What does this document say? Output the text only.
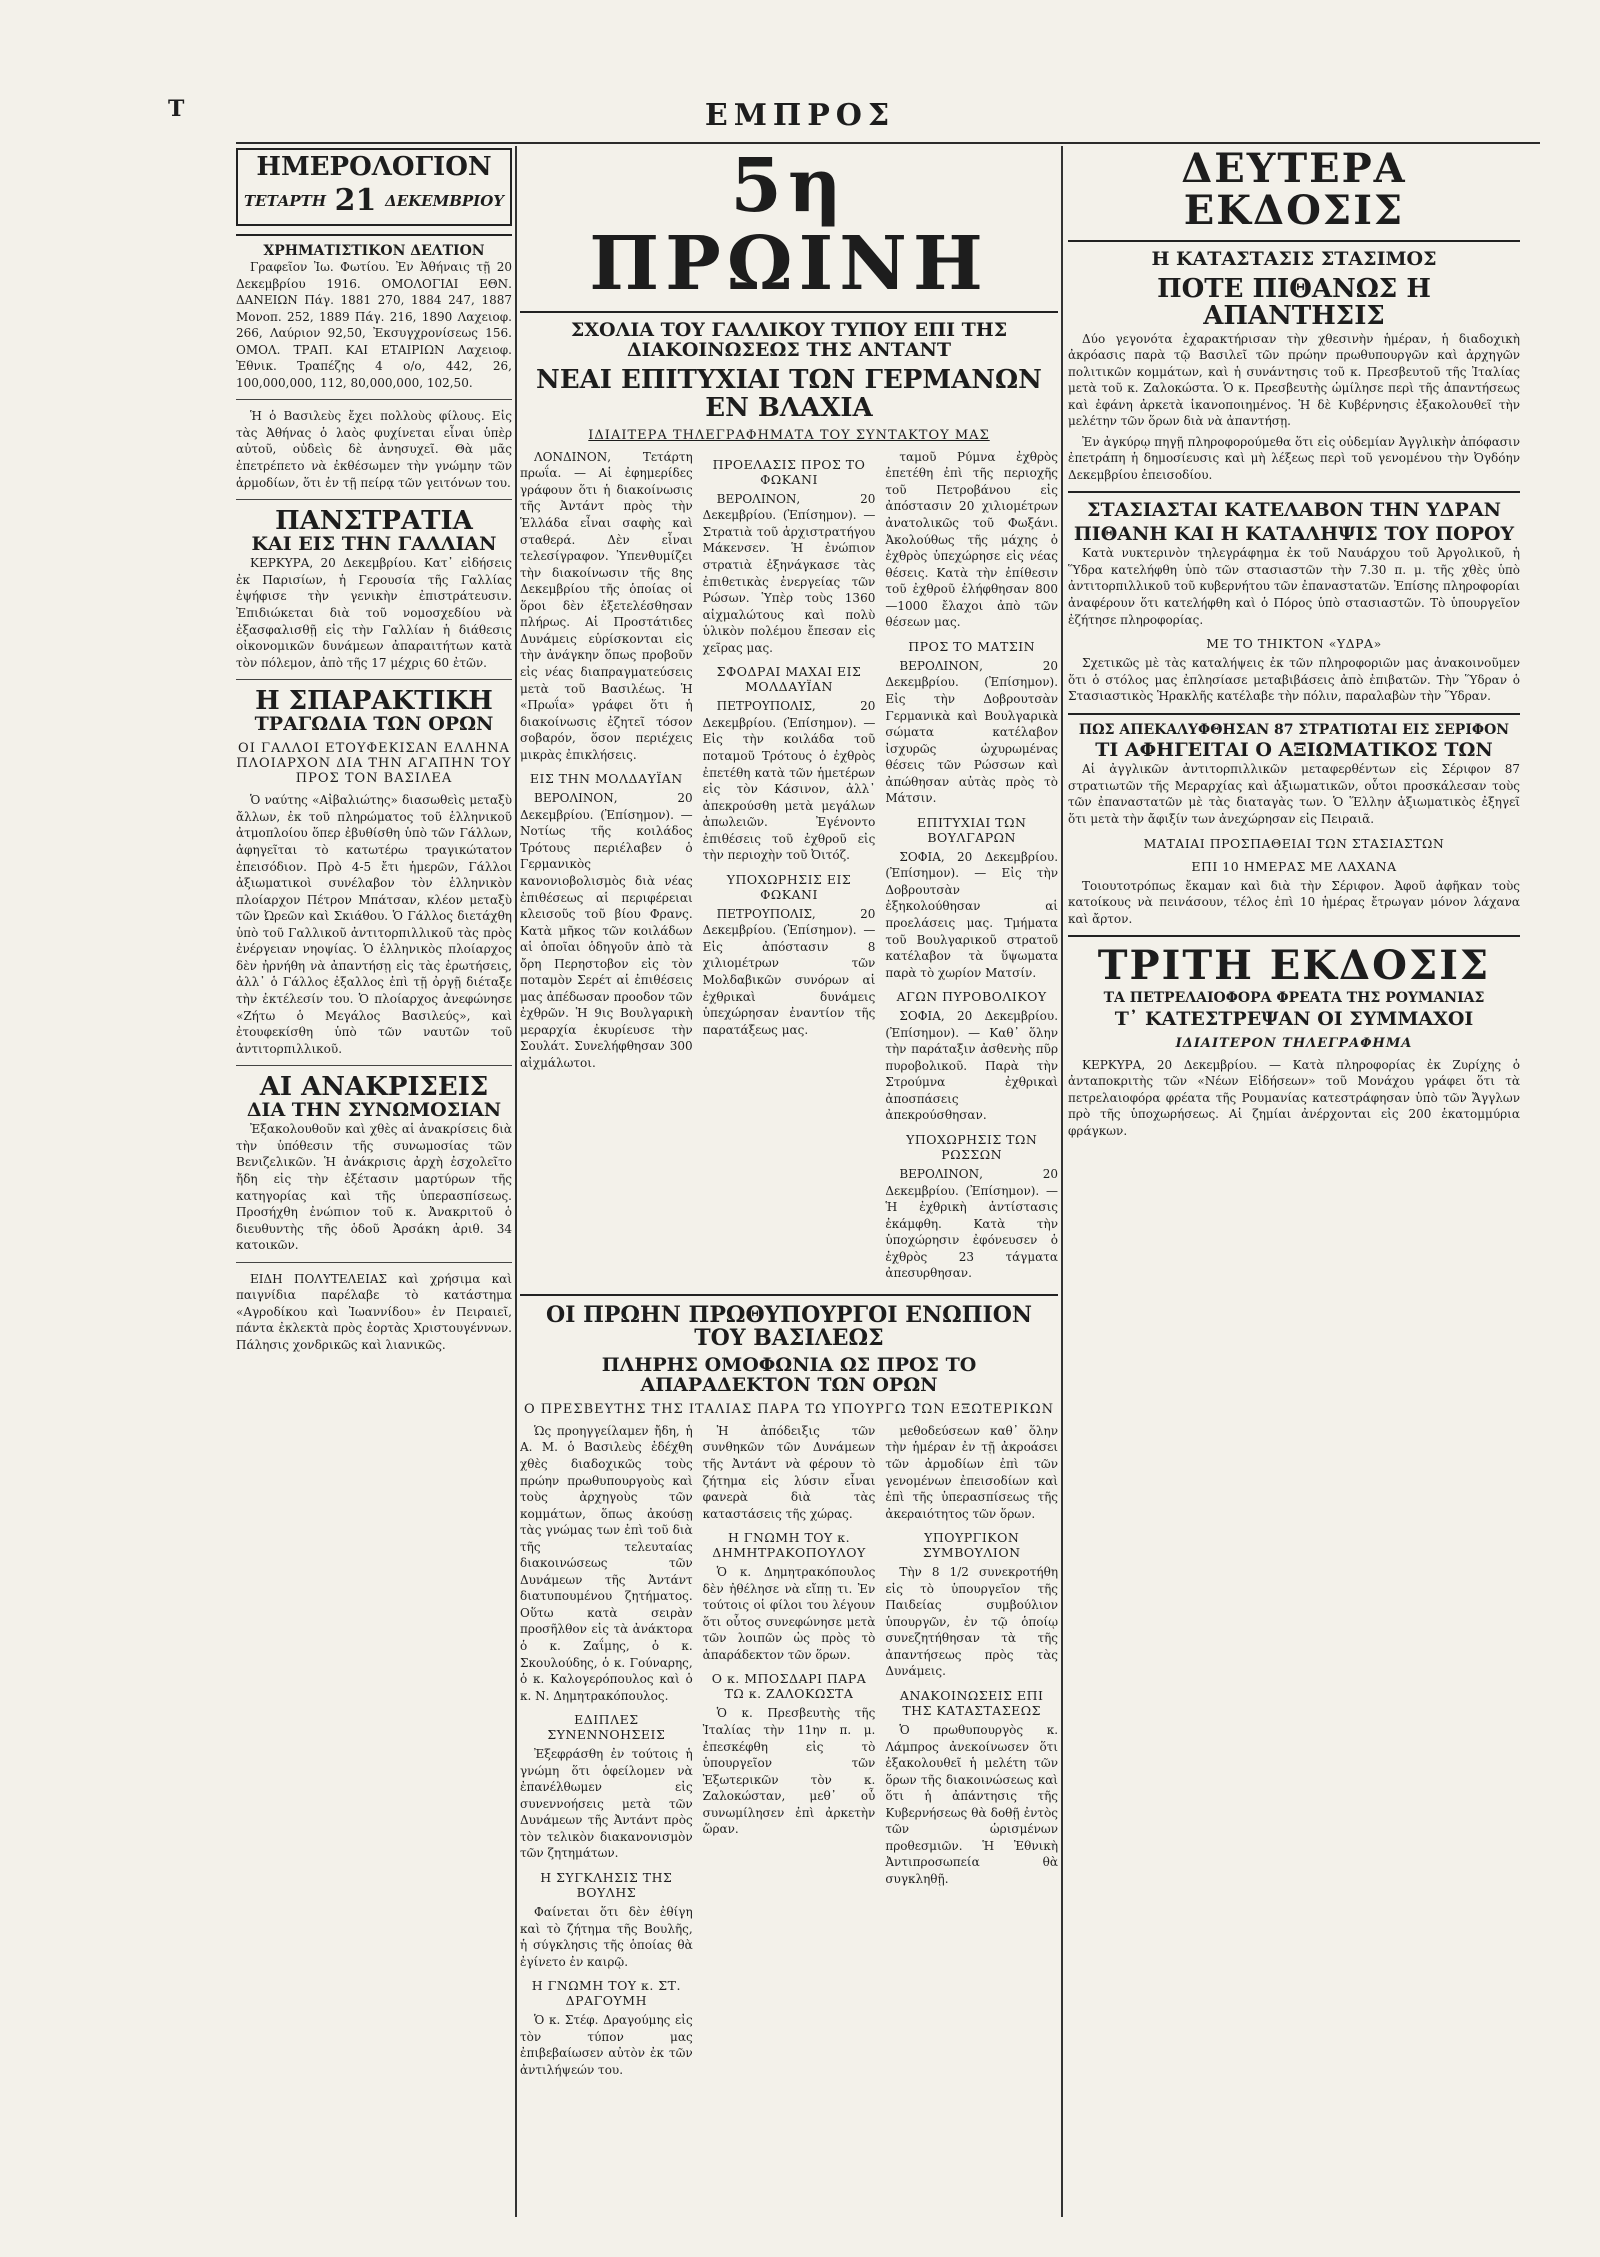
Τ	ΕΜΠΡΟΣ
ΗΜΕΡΟΛΟΓΙΟΝ
ΤΕΤΑΡΤΗ 21 ΔΕΚΕΜΒΡΙΟΥ
ΧΡΗΜΑΤΙΣΤΙΚΟΝ ΔΕΛΤΙΟΝ

Γραφεῖον Ἰω. Φωτίου. Ἐν Ἀθήναις τῇ 20 Δεκεμβρίου 1916. ΟΜΟΛΟΓΙΑΙ ΕΘΝ. ΔΑΝΕΙΩΝ Πάγ. 1881 270, 1884 247, 1887 Μονοπ. 252, 1889 Πάγ. 216, 1890 Λαχειοφ. 266, Λαύριον 92,50, Ἐκσυγχρονίσεως 156. ΟΜΟΛ. ΤΡΑΠ. ΚΑΙ ΕΤΑΙΡΙΩΝ Λαχειοφ. Ἐθνικ. Τραπέζης 4 ο/ο, 442, 26, 100,000,000, 112, 80,000,000, 102,50.

Ἡ ὁ Βασιλεὺς ἔχει πολλοὺς φίλους. Εἰς τὰς Ἀθήνας ὁ λαὸς φυχίνεται εἶναι ὑπὲρ αὐτοῦ, οὐδεὶς δὲ ἀνησυχεῖ. Θὰ μᾶς ἐπετρέπετο νὰ ἐκθέσωμεν τὴν γνώμην τῶν ἁρμοδίων, ὅτι ἐν τῇ πείρᾳ τῶν γειτόνων του.

ΠΑΝΣΤΡΑΤΙΑ
ΚΑΙ ΕΙΣ ΤΗΝ ΓΑΛΛΙΑΝ

ΚΕΡΚΥΡΑ, 20 Δεκεμβρίου. Κατ᾽ εἰδήσεις ἐκ Παρισίων, ἡ Γερουσία τῆς Γαλλίας ἐψήφισε τὴν γενικὴν ἐπιστράτευσιν. Ἐπιδιώκεται διὰ τοῦ νομοσχεδίου νὰ ἐξασφαλισθῇ εἰς τὴν Γαλλίαν ἡ διάθεσις οἰκονομικῶν δυνάμεων ἀπαραιτήτων κατὰ τὸν πόλεμον, ἀπὸ τῆς 17 μέχρις 60 ἐτῶν.

Η ΣΠΑΡΑΚΤΙΚΗ
ΤΡΑΓΩΔΙΑ ΤΩΝ ΟΡΩΝ
ΟΙ ΓΑΛΛΟΙ ΕΤΟΥΦΕΚΙΣΑΝ ΕΛΛΗΝΑ ΠΛΟΙΑΡΧΟΝ ΔΙΑ ΤΗΝ ΑΓΑΠΗΝ ΤΟΥ ΠΡΟΣ ΤΟΝ ΒΑΣΙΛΕΑ

Ὁ ναύτης «Αἰβαλιώτης» διασωθεὶς μεταξὺ ἄλλων, ἐκ τοῦ πληρώματος τοῦ ἑλληνικοῦ ἀτμοπλοίου ὅπερ ἐβυθίσθη ὑπὸ τῶν Γάλλων, ἀφηγεῖται τὸ κατωτέρω τραγικώτατον ἐπεισόδιον. Πρὸ 4-5 ἔτι ἡμερῶν, Γάλλοι ἀξιωματικοὶ συνέλαβον τὸν ἑλληνικὸν πλοίαρχον Πέτρον Μπάτσαν, κλέον μεταξὺ τῶν Ὠρεῶν καὶ Σκιάθου. Ὁ Γάλλος διετάχθη ὑπὸ τοῦ Γαλλικοῦ ἀντιτορπιλλικοῦ τὰς πρὸς ἐνέργειαν νηοψίας. Ὁ ἑλληνικὸς πλοίαρχος δὲν ἠρνήθη νὰ ἀπαντήσῃ εἰς τὰς ἐρωτήσεις, ἀλλ᾽ ὁ Γάλλος ἐξαλλος ἐπὶ τῇ ὀργῇ διέταξε τὴν ἐκτέλεσίν του. Ὁ πλοίαρχος ἀνεφώνησε «Ζήτω ὁ Μεγάλος Βασιλεύς», καὶ ἐτουφεκίσθη ὑπὸ τῶν ναυτῶν τοῦ ἀντιτορπιλλικοῦ.

ΑΙ ΑΝΑΚΡΙΣΕΙΣ
ΔΙΑ ΤΗΝ ΣΥΝΩΜΟΣΙΑΝ

Ἐξακολουθοῦν καὶ χθὲς αἱ ἀνακρίσεις διὰ τὴν ὑπόθεσιν τῆς συνωμοσίας τῶν Βενιζελικῶν. Ἡ ἀνάκρισις ἀρχὴ ἐσχολεῖτο ἤδη εἰς τὴν ἐξέτασιν μαρτύρων τῆς κατηγορίας καὶ τῆς ὑπερασπίσεως. Προσήχθη ἐνώπιον τοῦ κ. Ἀνακριτοῦ ὁ διευθυντὴς τῆς ὁδοῦ Ἀρσάκη ἀριθ. 34 κατοικῶν.

ΕΙΔΗ ΠΟΛΥΤΕΛΕΙΑΣ καὶ χρήσιμα καὶ παιγνίδια παρέλαβε τὸ κατάστημα «Αγροδίκου καὶ Ἰωαννίδου» ἐν Πειραιεῖ, πάντα ἐκλεκτὰ πρὸς ἐορτὰς Χριστουγέννων. Πάλησις χονδρικῶς καὶ λιανικῶς.

5η ΠΡΩΙΝΗ
ΣΧΟΛΙΑ ΤΟΥ ΓΑΛΛΙΚΟΥ ΤΥΠΟΥ ΕΠΙ ΤΗΣ ΔΙΑΚΟΙΝΩΣΕΩΣ ΤΗΣ ΑΝΤΑΝΤ
ΝΕΑΙ ΕΠΙΤΥΧΙΑΙ ΤΩΝ ΓΕΡΜΑΝΩΝ ΕΝ ΒΛΑΧΙΑ
ΙΔΙΑΙΤΕΡΑ ΤΗΛΕΓΡΑΦΗΜΑΤΑ ΤΟΥ ΣΥΝΤΑΚΤΟΥ ΜΑΣ

ΛΟΝΔΙΝΟΝ, Τετάρτη πρωΐα. — Αἱ ἐφημερίδες γράφουν ὅτι ἡ διακοίνωσις τῆς Ἀντάντ πρὸς τὴν Ἑλλάδα εἶναι σαφὴς καὶ σταθερά. Δὲν εἶναι τελεσίγραφον. Ὑπενθυμίζει τὴν διακοίνωσιν τῆς 8ης Δεκεμβρίου τῆς ὁποίας οἱ ὅροι δὲν ἐξετελέσθησαν πλήρως. Αἱ Προστάτιδες Δυνάμεις εὑρίσκονται εἰς τὴν ἀνάγκην ὅπως προβοῦν εἰς νέας διαπραγματεύσεις μετὰ τοῦ Βασιλέως. Ἡ «Πρωΐα» γράφει ὅτι ἡ διακοίνωσις ἐζητεῖ τόσον σοβαρόν, ὅσον περιέχεις μικρὰς ἐπικλήσεις.

ΕΙΣ ΤΗΝ ΜΟΛΔΑΥΪΑΝ

ΒΕΡΟΛΙΝΟΝ, 20 Δεκεμβρίου. (Ἐπίσημον). — Νοτίως τῆς κοιλάδος Τρότους περιέλαβεν ὁ Γερμανικὸς κανονιοβολισμὸς διὰ νέας ἐπιθέσεως αἱ περιφέρειαι κλεισοῦς τοῦ βίου Φρανς. Κατὰ μῆκος τῶν κοιλάδων αἱ ὁποῖαι ὁδηγοῦν ἀπὸ τὰ ὄρη Περηστοβον εἰς τὸν ποταμὸν Σερέτ αἱ ἐπιθέσεις μας ἀπέδωσαν προοδον τῶν ἐχθρῶν. Ἡ 9ις Βουλγαρικὴ μεραρχία ἐκυρίευσε τὴν Σουλάτ. Συνελήφθησαν 300 αἰχμάλωτοι.

ΠΡΟΕΛΑΣΙΣ ΠΡΟΣ ΤΟ ΦΩΚΑΝΙ

ΒΕΡΟΛΙΝΟΝ, 20 Δεκεμβρίου. (Ἐπίσημον). — Στρατιὰ τοῦ ἀρχιστρατήγου Μάκενσεν. Ἡ ἐνώπιον στρατιὰ ἐξηνάγκασε τὰς ἐπιθετικὰς ἐνεργείας τῶν Ρώσων. Ὑπὲρ τοὺς 1360 αἰχμαλώτους καὶ πολὺ ὑλικὸν πολέμου ἔπεσαν εἰς χεῖρας μας.

ΣΦΟΔΡΑΙ ΜΑΧΑΙ ΕΙΣ ΜΟΛΔΑΥΪΑΝ

ΠΕΤΡΟΥΠΟΛΙΣ, 20 Δεκεμβρίου. (Ἐπίσημον). — Εἰς τὴν κοιλάδα τοῦ ποταμοῦ Τρότους ὁ ἐχθρὸς ἐπετέθη κατὰ τῶν ἡμετέρων εἰς τὸν Κάσινον, ἀλλ᾽ ἀπεκρούσθη μετὰ μεγάλων ἀπωλειῶν. Ἐγένοντο ἐπιθέσεις τοῦ ἐχθροῦ εἰς τὴν περιοχὴν τοῦ Ὀιτόζ.

ΥΠΟΧΩΡΗΣΙΣ ΕΙΣ ΦΩΚΑΝΙ

ΠΕΤΡΟΥΠΟΛΙΣ, 20 Δεκεμβρίου. (Ἐπίσημον). — Εἰς ἀπόστασιν 8 χιλιομέτρων τῶν Μολδαβικῶν συνόρων αἱ ἐχθρικαὶ δυνάμεις ὑπεχώρησαν ἐναντίον τῆς παρατάξεως μας.

ταμοῦ Ρύμνα ἐχθρὸς ἐπετέθη ἐπὶ τῆς περιοχῆς τοῦ Πετροβάνου εἰς ἀπόστασιν 20 χιλιομέτρων ἀνατολικῶς τοῦ Φωξάνι. Ἀκολούθως τῆς μάχης ὁ ἐχθρὸς ὑπεχώρησε εἰς νέας θέσεις. Κατὰ τὴν ἐπίθεσιν τοῦ ἐχθροῦ ἐλήφθησαν 800—1000 ἔλαχοι ἀπὸ τῶν θέσεων μας.

ΠΡΟΣ ΤΟ ΜΑΤΣΙΝ

ΒΕΡΟΛΙΝΟΝ, 20 Δεκεμβρίου. (Ἐπίσημον). Εἰς τὴν Δοβρουτσὰν Γερμανικὰ καὶ Βουλγαρικὰ σώματα κατέλαβον ἰσχυρῶς ὠχυρωμένας θέσεις τῶν Ρώσσων καὶ ἀπώθησαν αὐτὰς πρὸς τὸ Μάτσιν.

ΕΠΙΤΥΧΙΑΙ ΤΩΝ ΒΟΥΛΓΑΡΩΝ

ΣΟΦΙΑ, 20 Δεκεμβρίου. (Ἐπίσημον). — Εἰς τὴν Δοβρουτσὰν ἐξηκολούθησαν αἱ προελάσεις μας. Τμήματα τοῦ Βουλγαρικοῦ στρατοῦ κατέλαβον τὰ ὕψωματα παρὰ τὸ χωρίον Ματσίν.

ΑΓΩΝ ΠΥΡΟΒΟΛΙΚΟΥ

ΣΟΦΙΑ, 20 Δεκεμβρίου. (Ἐπίσημον). — Καθ᾽ ὅλην τὴν παράταξιν ἀσθενὴς πῦρ πυροβολικοῦ. Παρὰ τὴν Στρούμνα ἐχθρικαὶ ἀποσπάσεις ἀπεκρούσθησαν.

ΥΠΟΧΩΡΗΣΙΣ ΤΩΝ ΡΩΣΣΩΝ

ΒΕΡΟΛΙΝΟΝ, 20 Δεκεμβρίου. (Ἐπίσημον). — Ἡ ἐχθρικὴ ἀντίστασις ἐκάμφθη. Κατὰ τὴν ὑποχώρησιν ἐφόνευσεν ὁ ἐχθρὸς 23 τάγματα ἀπεσυρθησαν.

ΟΙ ΠΡΩΗΝ ΠΡΩΘΥΠΟΥΡΓΟΙ ΕΝΩΠΙΟΝ ΤΟΥ ΒΑΣΙΛΕΩΣ
ΠΛΗΡΗΣ ΟΜΟΦΩΝΙΑ ΩΣ ΠΡΟΣ ΤΟ ΑΠΑΡΑΔΕΚΤΟΝ ΤΩΝ ΟΡΩΝ
Ο ΠΡΕΣΒΕΥΤΗΣ ΤΗΣ ΙΤΑΛΙΑΣ ΠΑΡΑ ΤΩ ΥΠΟΥΡΓΩ ΤΩΝ ΕΞΩΤΕΡΙΚΩΝ

Ὡς προηγγείλαμεν ἤδη, ἡ Α. Μ. ὁ Βασιλεὺς ἐδέχθη χθὲς διαδοχικῶς τοὺς πρώην πρωθυπουργοὺς καὶ τοὺς ἀρχηγοὺς τῶν κομμάτων, ὅπως ἀκούσῃ τὰς γνώμας των ἐπὶ τοῦ διὰ τῆς τελευταίας διακοινώσεως τῶν Δυνάμεων τῆς Ἀντάντ διατυπουμένου ζητήματος. Οὕτω κατὰ σειρὰν προσῆλθον εἰς τὰ ἀνάκτορα ὁ κ. Ζαΐμης, ὁ κ. Σκουλούδης, ὁ κ. Γούναρης, ὁ κ. Καλογερόπουλος καὶ ὁ κ. Ν. Δημητρακόπουλος.

ΕΔΙΠΛΕΣ ΣΥΝΕΝΝΟΗΣΕΙΣ

Ἐξεφράσθη ἐν τούτοις ἡ γνώμη ὅτι ὁφείλομεν νὰ ἐπανέλθωμεν εἰς συνεννοήσεις μετὰ τῶν Δυνάμεων τῆς Ἀντάντ πρὸς τὸν τελικὸν διακανονισμὸν τῶν ζητημάτων.

Η ΣΥΓΚΛΗΣΙΣ ΤΗΣ ΒΟΥΛΗΣ

Φαίνεται ὅτι δὲν ἐθίγη καὶ τὸ ζήτημα τῆς Βουλῆς, ἡ σύγκλησις τῆς ὁποίας θὰ ἐγίνετο ἐν καιρῷ.

Η ΓΝΩΜΗ ΤΟΥ κ. ΣΤ. ΔΡΑΓΟΥΜΗ

Ὁ κ. Στέφ. Δραγούμης εἰς τὸν τύπον μας ἐπιβεβαίωσεν αὐτὸν ἐκ τῶν ἀντιλήψεών του.

Ἡ ἀπόδειξις τῶν συνθηκῶν τῶν Δυνάμεων τῆς Ἀντάντ νὰ φέρουν τὸ ζήτημα εἰς λύσιν εἶναι φανερὰ διὰ τὰς καταστάσεις τῆς χώρας.

Η ΓΝΩΜΗ ΤΟΥ κ. ΔΗΜΗΤΡΑΚΟΠΟΥΛΟΥ

Ὁ κ. Δημητρακόπουλος δὲν ἠθέλησε νὰ εἴπῃ τι. Ἐν τούτοις οἱ φίλοι του λέγουν ὅτι οὗτος συνεφώνησε μετὰ τῶν λοιπῶν ὡς πρὸς τὸ ἀπαράδεκτον τῶν ὅρων.

Ο κ. ΜΠΟΣΔΑΡΙ ΠΑΡΑ ΤΩ κ. ΖΑΛΟΚΩΣΤΑ

Ὁ κ. Πρεσβευτὴς τῆς Ἰταλίας τὴν 11ην π. μ. ἐπεσκέφθη εἰς τὸ ὑπουργεῖον τῶν Ἐξωτερικῶν τὸν κ. Ζαλοκώσταν, μεθ᾽ οὗ συνωμίλησεν ἐπὶ ἀρκετὴν ὥραν.

μεθοδεύσεων καθ᾽ ὅλην τὴν ἡμέραν ἐν τῇ ἀκροάσει τῶν ἀρμοδίων ἐπὶ τῶν γενομένων ἐπεισοδίων καὶ ἐπὶ τῆς ὑπερασπίσεως τῆς ἀκεραιότητος τῶν ὅρων.

ΥΠΟΥΡΓΙΚΟΝ ΣΥΜΒΟΥΛΙΟΝ

Τὴν 8 1/2 συνεκροτήθη εἰς τὸ ὑπουργεῖον τῆς Παιδείας συμβούλιον ὑπουργῶν, ἐν τῷ ὁποίῳ συνεζητήθησαν τὰ τῆς ἀπαντήσεως πρὸς τὰς Δυνάμεις.

ΑΝΑΚΟΙΝΩΣΕΙΣ ΕΠΙ ΤΗΣ ΚΑΤΑΣΤΑΣΕΩΣ

Ὁ πρωθυπουργὸς κ. Λάμπρος ἀνεκοίνωσεν ὅτι ἐξακολουθεῖ ἡ μελέτη τῶν ὅρων τῆς διακοινώσεως καὶ ὅτι ἡ ἀπάντησις τῆς Κυβερνήσεως θὰ δοθῇ ἐντὸς τῶν ὡρισμένων προθεσμιῶν. Ἡ Ἐθνικὴ Ἀντιπροσωπεία θὰ συγκληθῇ.

ΔΕΥΤΕΡΑ ΕΚΔΟΣΙΣ
Η ΚΑΤΑΣΤΑΣΙΣ ΣΤΑΣΙΜΟΣ
ΠΟΤΕ ΠΙΘΑΝΩΣ Η ΑΠΑΝΤΗΣΙΣ

Δύο γεγονότα ἐχαρακτήρισαν τὴν χθεσινὴν ἡμέραν, ἡ διαδοχικὴ ἀκρόασις παρὰ τῷ Βασιλεῖ τῶν πρώην πρωθυπουργῶν καὶ ἀρχηγῶν πολιτικῶν κομμάτων, καὶ ἡ συνάντησις τοῦ κ. Πρεσβευτοῦ τῆς Ἰταλίας μετὰ τοῦ κ. Ζαλοκώστα. Ὁ κ. Πρεσβευτὴς ὡμίλησε περὶ τῆς ἀπαντήσεως καὶ ἐφάνη ἀρκετὰ ἱκανοποιημένος. Ἡ δὲ Κυβέρνησις ἐξακολουθεῖ τὴν μελέτην τῶν ὅρων διὰ νὰ ἀπαντήσῃ.

Ἐν ἀγκύρῳ πηγῇ πληροφορούμεθα ὅτι εἰς οὐδεμίαν Ἀγγλικὴν ἀπόφασιν ἐπετράπη ἡ δημοσίευσις καὶ μὴ λέξεως περὶ τοῦ γενομένου τὴν Ὀγδόην Δεκεμβρίου ἐπεισοδίου.

ΣΤΑΣΙΑΣΤΑΙ ΚΑΤΕΛΑΒΟΝ ΤΗΝ ΥΔΡΑΝ
ΠΙΘΑΝΗ ΚΑΙ Η ΚΑΤΑΛΗΨΙΣ ΤΟΥ ΠΟΡΟΥ

Κατὰ νυκτερινὸν τηλεγράφημα ἐκ τοῦ Ναυάρχου τοῦ Ἀργολικοῦ, ἡ Ὕδρα κατελήφθη ὑπὸ τῶν στασιαστῶν τὴν 7.30 π. μ. τῆς χθὲς ὑπὸ ἀντιτορπιλλικοῦ τοῦ κυβερνήτου τῶν ἐπαναστατῶν. Ἐπίσης πληροφορίαι ἀναφέρουν ὅτι κατελήφθη καὶ ὁ Πόρος ὑπὸ στασιαστῶν. Τὸ ὑπουργεῖον ἐζήτησε πληροφορίας.

ΜΕ ΤΟ ΤΗΙΚΤΟΝ «ΥΔΡΑ»

Σχετικῶς μὲ τὰς καταλήψεις ἐκ τῶν πληροφοριῶν μας ἀνακοινοῦμεν ὅτι ὁ στόλος μας ἐπλησίασε μεταβιβάσεις ἀπὸ ἐπιβατῶν. Τὴν Ὕδραν ὁ Στασιαστικὸς Ἡρακλῆς κατέλαβε τὴν πόλιν, παραλαβὼν τὴν Ὕδραν.

ΠΩΣ ΑΠΕΚΑΛΥΦΘΗΣΑΝ 87 ΣΤΡΑΤΙΩΤΑΙ ΕΙΣ ΣΕΡΙΦΟΝ
ΤΙ ΑΦΗΓΕΙΤΑΙ Ο ΑΞΙΩΜΑΤΙΚΟΣ ΤΩΝ

Αἱ ἀγγλικῶν ἀντιτορπιλλικῶν μεταφερθέντων εἰς Σέριφον 87 στρατιωτῶν τῆς Μεραρχίας καὶ ἀξιωματικῶν, οὗτοι προσκάλεσαν τοὺς τῶν ἐπαναστατῶν μὲ τὰς διαταγὰς των. Ὁ Ἕλλην ἀξιωματικὸς ἐξηγεῖ ὅτι μετὰ τὴν ἄφιξίν των ἀνεχώρησαν εἰς Πειραιᾶ.

ΜΑΤΑΙΑΙ ΠΡΟΣΠΑΘΕΙΑΙ ΤΩΝ ΣΤΑΣΙΑΣΤΩΝ
ΕΠΙ 10 ΗΜΕΡΑΣ ΜΕ ΛΑΧΑΝΑ

Τοιουτοτρόπως ἔκαμαν καὶ διὰ τὴν Σέριφον. Ἀφοῦ ἀφῆκαν τοὺς κατοίκους νὰ πεινάσουν, τέλος ἐπὶ 10 ἡμέρας ἔτρωγαν μόνον λάχανα καὶ ἄρτον.

ΤΡΙΤΗ ΕΚΔΟΣΙΣ
ΤΑ ΠΕΤΡΕΛΑΙΟΦΟΡΑ ΦΡΕΑΤΑ ΤΗΣ ΡΟΥΜΑΝΙΑΣ
Τ᾽ ΚΑΤΕΣΤΡΕΨΑΝ ΟΙ ΣΥΜΜΑΧΟΙ
ΙΔΙΑΙΤΕΡΟΝ ΤΗΛΕΓΡΑΦΗΜΑ

ΚΕΡΚΥΡΑ, 20 Δεκεμβρίου. — Κατὰ πληροφορίας ἐκ Ζυρίχης ὁ ἀνταποκριτὴς τῶν «Νέων Εἰδήσεων» τοῦ Μονάχου γράφει ὅτι τὰ πετρελαιοφόρα φρέατα τῆς Ρουμανίας κατεστράφησαν ὑπὸ τῶν Ἄγγλων πρὸ τῆς ὑποχωρήσεως. Αἱ ζημίαι ἀνέρχονται εἰς 200 ἑκατομμύρια φράγκων.
